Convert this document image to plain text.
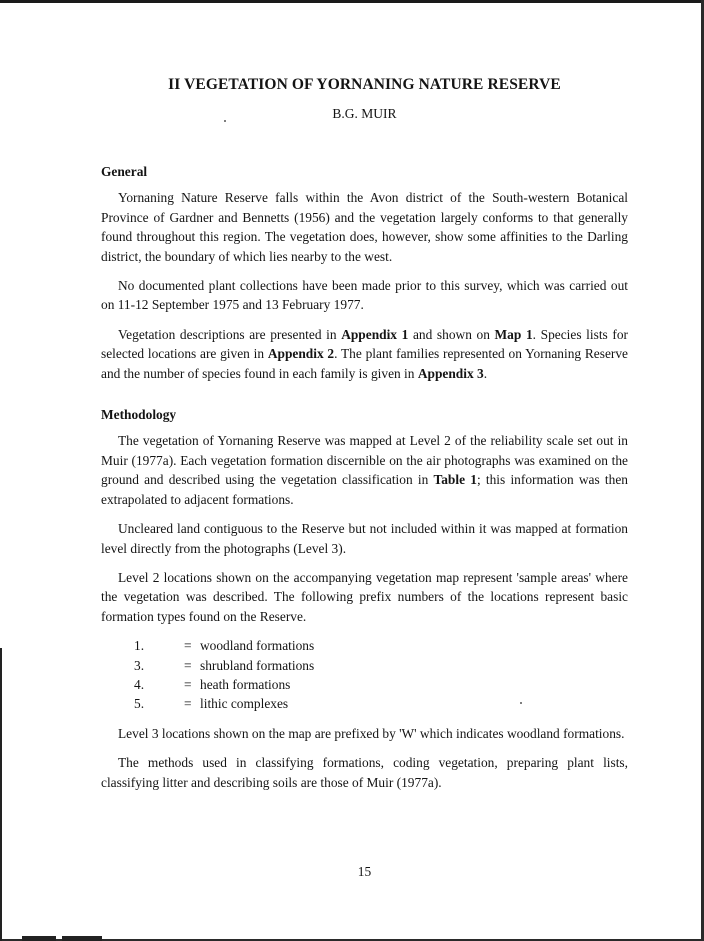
II VEGETATION OF YORNANING NATURE RESERVE
B.G. MUIR
General

Yornaning Nature Reserve falls within the Avon district of the South-western Botanical Province of Gardner and Bennetts (1956) and the vegetation largely conforms to that generally found throughout this region. The vegetation does, however, show some affinities to the Darling district, the boundary of which lies nearby to the west.

No documented plant collections have been made prior to this survey, which was carried out on 11-12 September 1975 and 13 February 1977.

Vegetation descriptions are presented in Appendix 1 and shown on Map 1. Species lists for selected locations are given in Appendix 2. The plant families represented on Yornaning Reserve and the number of species found in each family is given in Appendix 3.

Methodology

The vegetation of Yornaning Reserve was mapped at Level 2 of the reliability scale set out in Muir (1977a). Each vegetation formation discernible on the air photographs was examined on the ground and described using the vegetation classification in Table 1; this information was then extrapolated to adjacent formations.

Uncleared land contiguous to the Reserve but not included within it was mapped at formation level directly from the photographs (Level 3).

Level 2 locations shown on the accompanying vegetation map represent 'sample areas' where the vegetation was described. The following prefix numbers of the locations represent basic formation types found on the Reserve.

1.	= woodland formations
3.	= shrubland formations
4.	= heath formations
5.	= lithic complexes

Level 3 locations shown on the map are prefixed by 'W' which indicates woodland formations.

The methods used in classifying formations, coding vegetation, preparing plant lists, classifying litter and describing soils are those of Muir (1977a).

15
